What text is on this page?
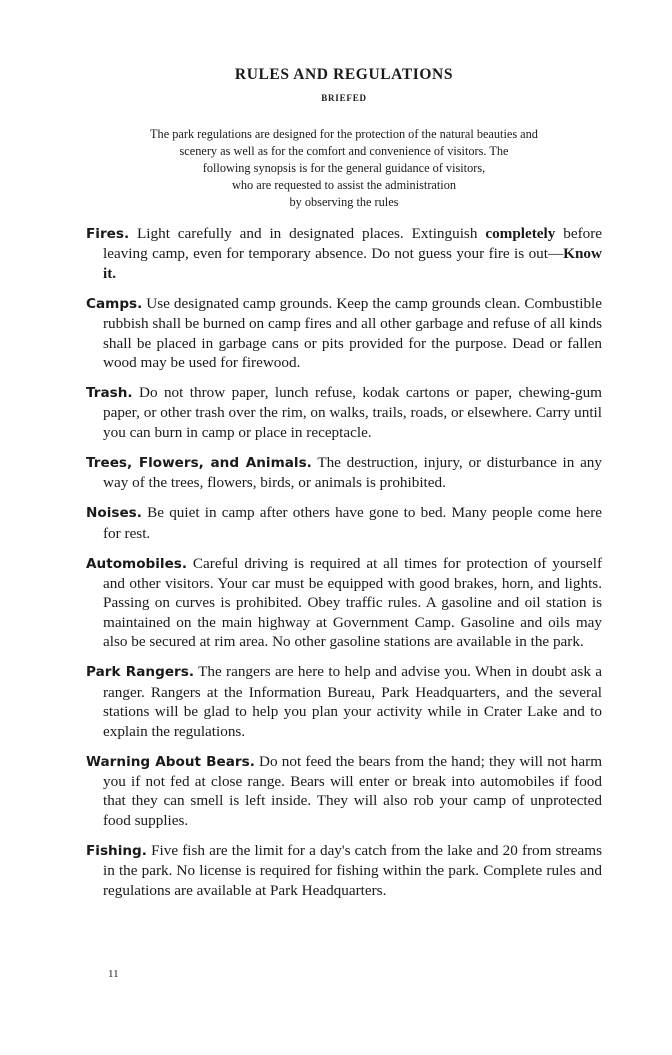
RULES AND REGULATIONS
BRIEFED
The park regulations are designed for the protection of the natural beauties and
scenery as well as for the comfort and convenience of visitors. The
following synopsis is for the general guidance of visitors,
who are requested to assist the administration
by observing the rules

Fires. Light carefully and in designated places. Extinguish completely before leaving camp, even for temporary absence. Do not guess your fire is out—Know it.

Camps. Use designated camp grounds. Keep the camp grounds clean. Combustible rubbish shall be burned on camp fires and all other garbage and refuse of all kinds shall be placed in garbage cans or pits provided for the purpose. Dead or fallen wood may be used for firewood.

Trash. Do not throw paper, lunch refuse, kodak cartons or paper, chewing-gum paper, or other trash over the rim, on walks, trails, roads, or elsewhere. Carry until you can burn in camp or place in receptacle.

Trees, Flowers, and Animals. The destruction, injury, or disturbance in any way of the trees, flowers, birds, or animals is prohibited.

Noises. Be quiet in camp after others have gone to bed. Many people come here for rest.

Automobiles. Careful driving is required at all times for protection of yourself and other visitors. Your car must be equipped with good brakes, horn, and lights. Passing on curves is prohibited. Obey traffic rules. A gasoline and oil station is maintained on the main highway at Government Camp. Gasoline and oils may also be secured at rim area. No other gasoline stations are available in the park.

Park Rangers. The rangers are here to help and advise you. When in doubt ask a ranger. Rangers at the Information Bureau, Park Headquarters, and the several stations will be glad to help you plan your activity while in Crater Lake and to explain the regulations.

Warning About Bears. Do not feed the bears from the hand; they will not harm you if not fed at close range. Bears will enter or break into automobiles if food that they can smell is left inside. They will also rob your camp of unprotected food supplies.

Fishing. Five fish are the limit for a day's catch from the lake and 20 from streams in the park. No license is required for fishing within the park. Complete rules and regulations are available at Park Headquarters.

11
